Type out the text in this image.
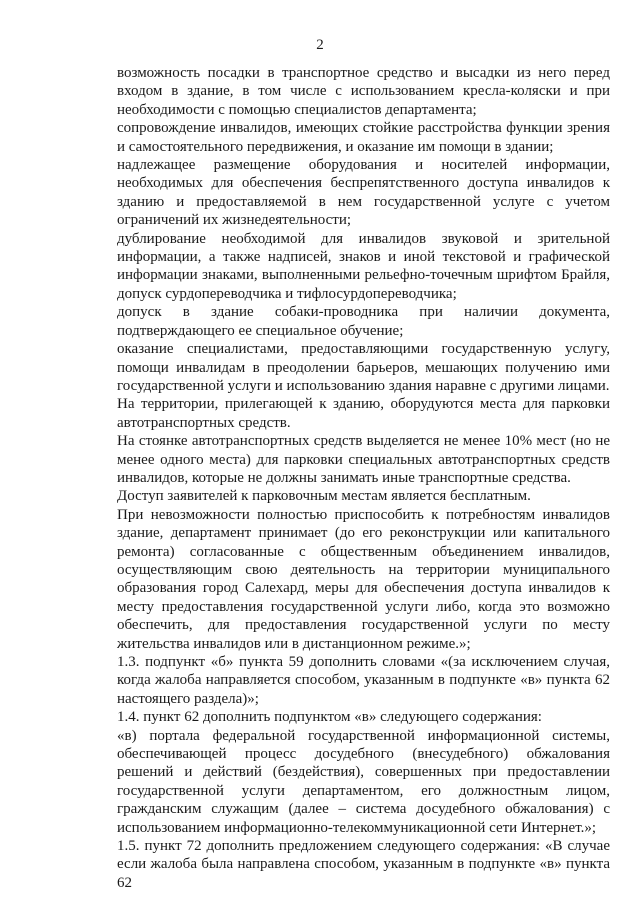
2

возможность посадки в транспортное средство и высадки из него перед входом в здание, в том числе с использованием кресла-коляски и при необходимости с помощью специалистов департамента;

сопровождение инвалидов, имеющих стойкие расстройства функции зрения и самостоятельного передвижения, и оказание им помощи в здании;

надлежащее размещение оборудования и носителей информации, необходимых для обеспечения беспрепятственного доступа инвалидов к зданию и предоставляемой в нем государственной услуге с учетом ограничений их жизнедеятельности;

дублирование необходимой для инвалидов звуковой и зрительной информации, а также надписей, знаков и иной текстовой и графической информации знаками, выполненными рельефно-точечным шрифтом Брайля, допуск сурдопереводчика и тифлосурдопереводчика;

допуск в здание собаки-проводника при наличии документа, подтверждающего ее специальное обучение;

оказание специалистами, предоставляющими государственную услугу, помощи инвалидам в преодолении барьеров, мешающих получению ими государственной услуги и использованию здания наравне с другими лицами.

На территории, прилегающей к зданию, оборудуются места для парковки автотранспортных средств.

На стоянке автотранспортных средств выделяется не менее 10% мест (но не менее одного места) для парковки специальных автотранспортных средств инвалидов, которые не должны занимать иные транспортные средства.

Доступ заявителей к парковочным местам является бесплатным.

При невозможности полностью приспособить к потребностям инвалидов здание, департамент принимает (до его реконструкции или капитального ремонта) согласованные с общественным объединением инвалидов, осуществляющим свою деятельность на территории муниципального образования город Салехард, меры для обеспечения доступа инвалидов к месту предоставления государственной услуги либо, когда это возможно обеспечить, для предоставления государственной услуги по месту жительства инвалидов или в дистанционном режиме.»;

1.3. подпункт «б» пункта 59 дополнить словами «(за исключением случая, когда жалоба направляется способом, указанным в подпункте «в» пункта 62 настоящего раздела)»;

1.4. пункт 62 дополнить подпунктом «в» следующего содержания:

«в) портала федеральной государственной информационной системы, обеспечивающей процесс досудебного (внесудебного) обжалования решений и действий (бездействия), совершенных при предоставлении государственной услуги департаментом, его должностным лицом, гражданским служащим (далее – система досудебного обжалования) с использованием информационно-телекоммуникационной сети Интернет.»;

1.5. пункт 72 дополнить предложением следующего содержания: «В случае если жалоба была направлена способом, указанным в подпункте «в» пункта 62
